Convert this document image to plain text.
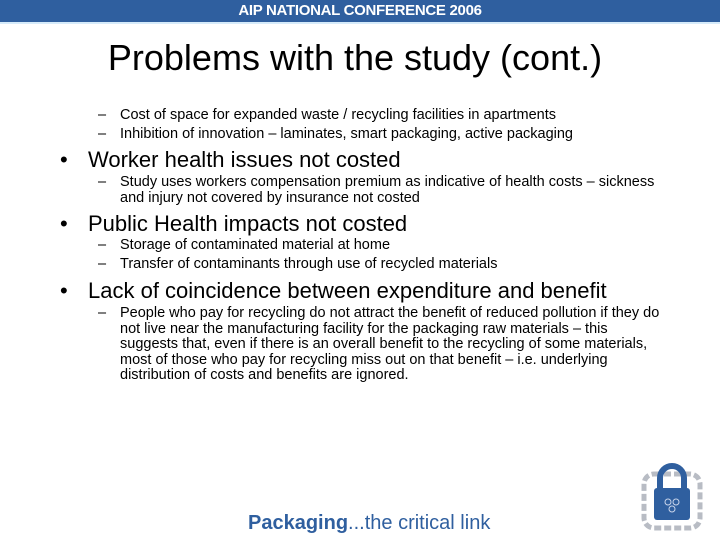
AIP NATIONAL CONFERENCE 2006
Problems with the study (cont.)
– Cost of space for expanded waste / recycling facilities in apartments
– Inhibition of innovation – laminates, smart packaging, active packaging
• Worker health issues not costed
– Study uses workers compensation premium as indicative of health costs – sickness and injury not covered by insurance not costed
• Public Health impacts not costed
– Storage of contaminated material at home
– Transfer of contaminants through use of recycled materials
• Lack of coincidence between expenditure and benefit
– People who pay for recycling do not attract the benefit of reduced pollution if they do not live near the manufacturing facility for the packaging raw materials – this suggests that, even if there is an overall benefit to the recycling of some materials, most of those who pay for recycling miss out on that benefit – i.e. underlying distribution of costs and benefits are ignored.
Packaging...the critical link
